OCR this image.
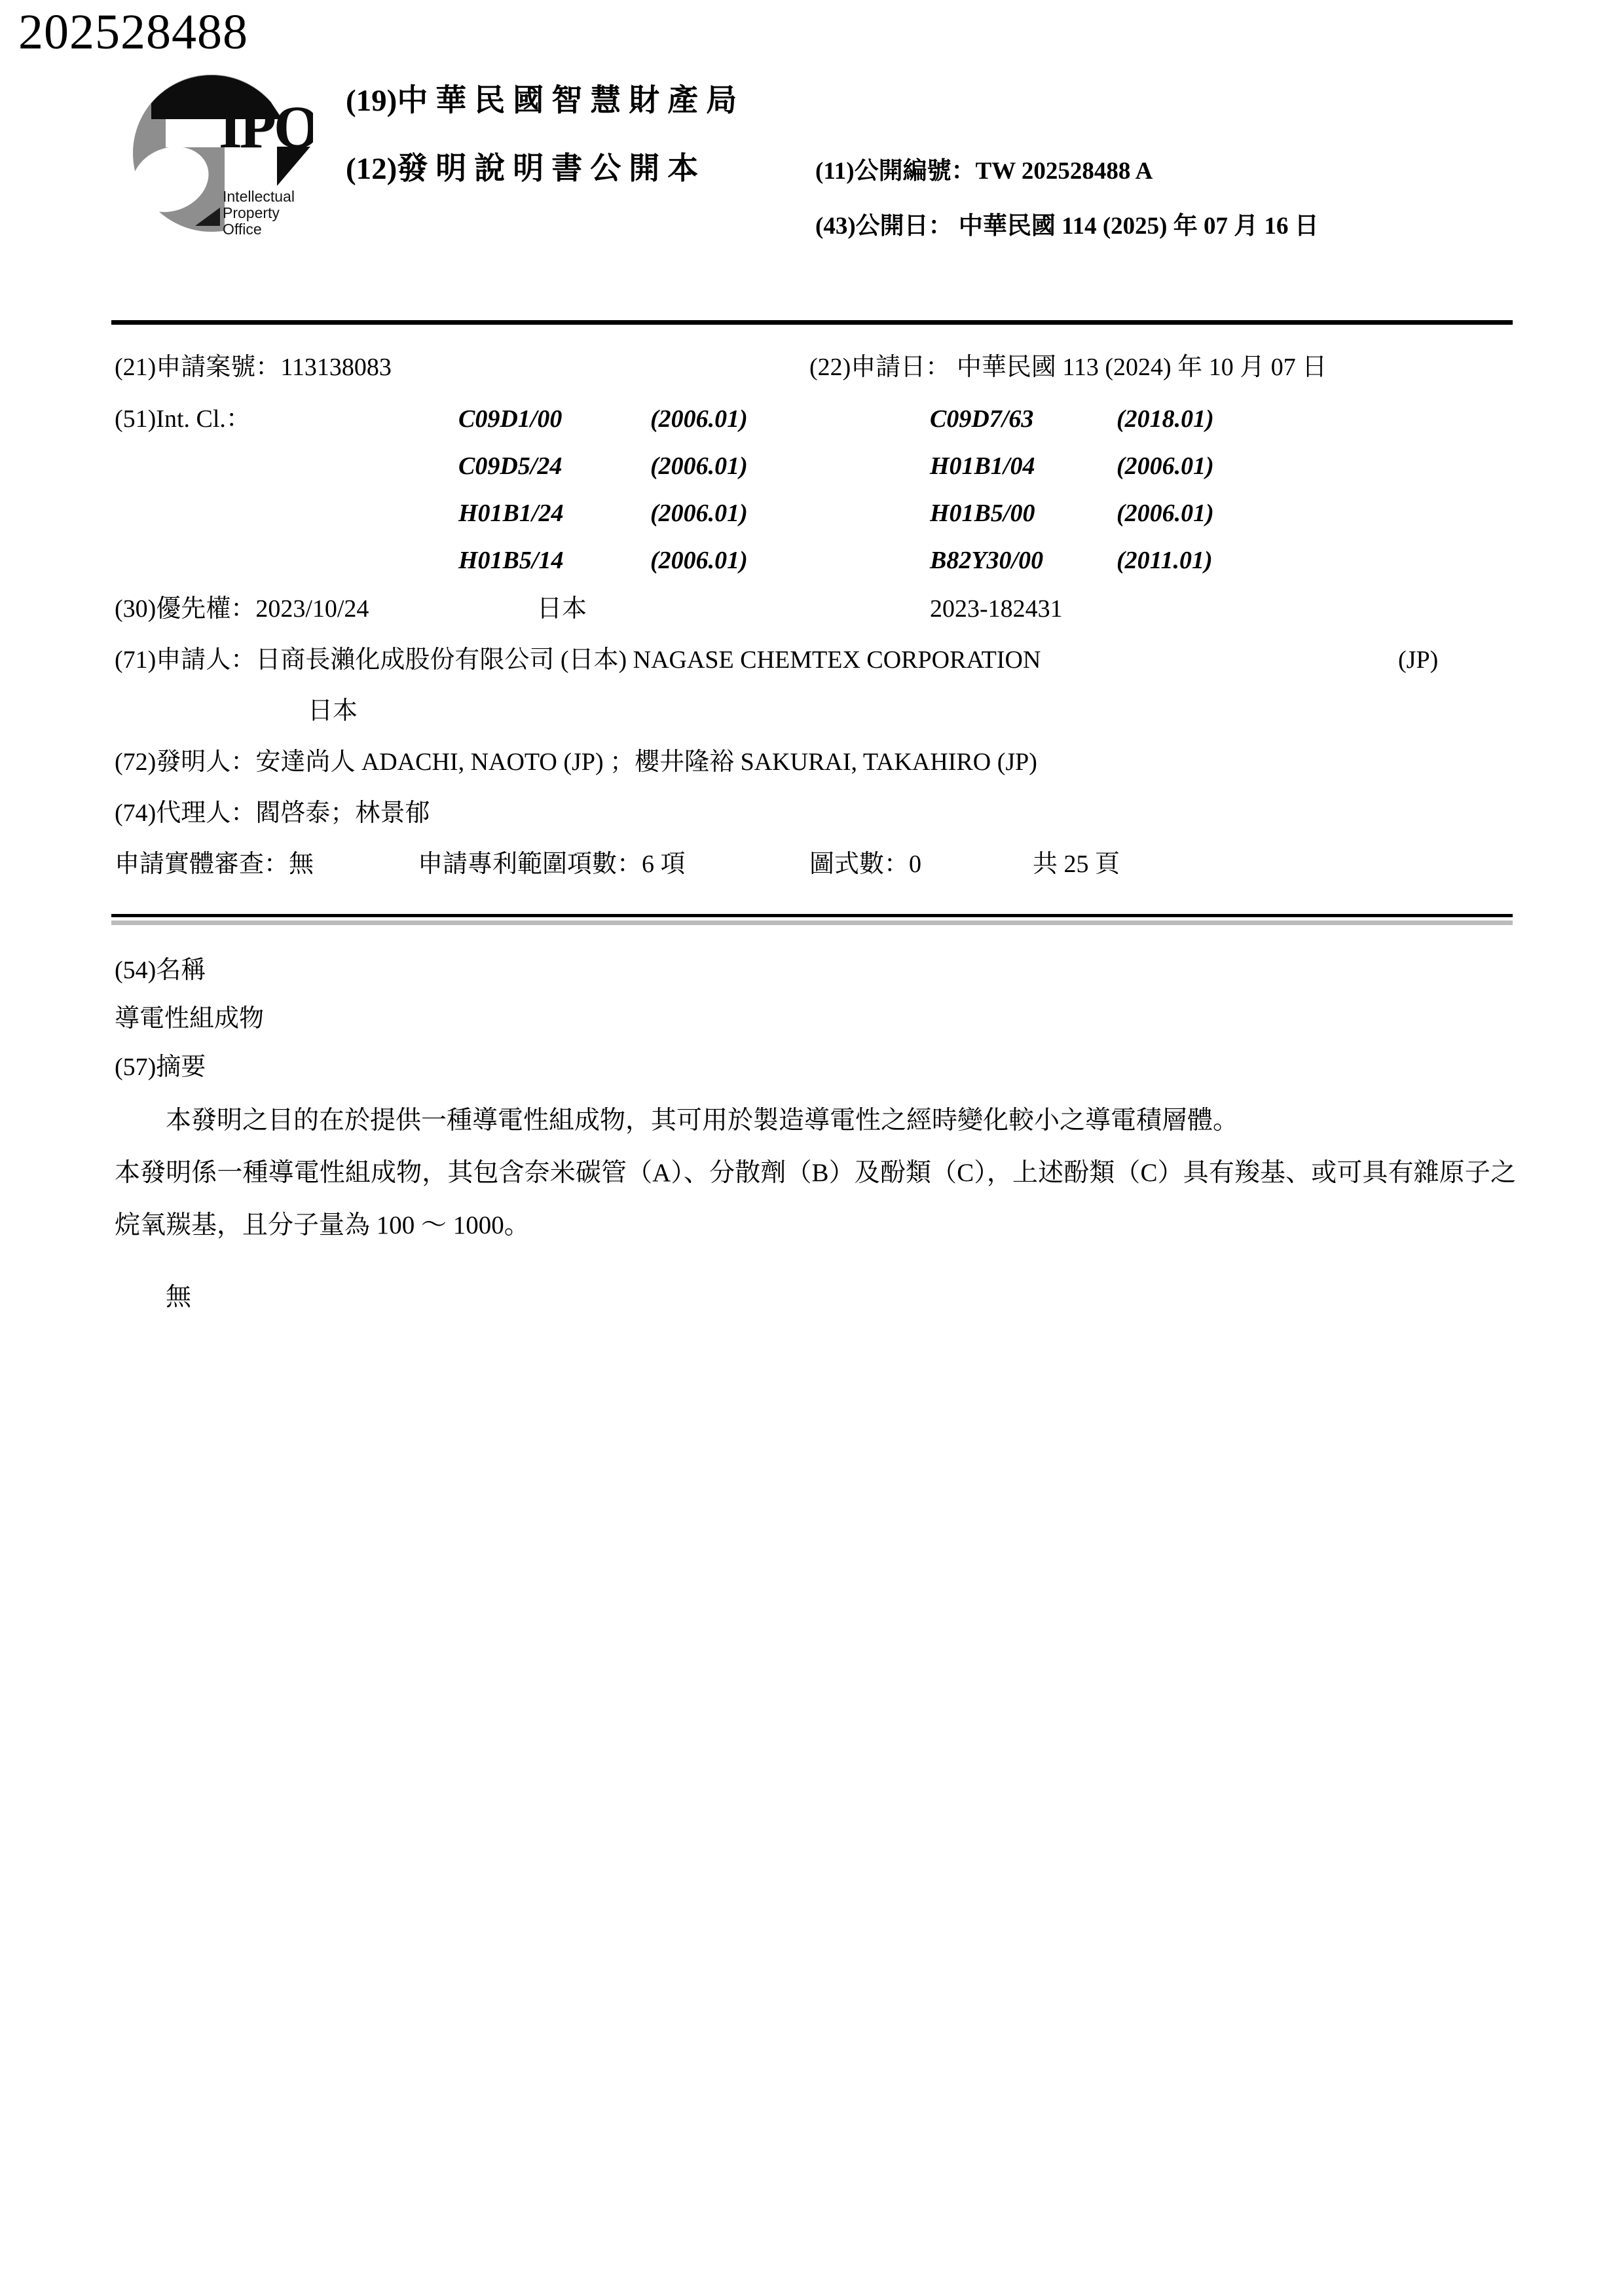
202528488
IPO
Intellectual
Property
Office
(19)中華民國智慧財產局
(12)發明說明書公開本	(11)公開編號：TW 202528488 A
(43)公開日： 中華民國 114 (2025) 年 07 月 16 日
(21)申請案號：113138083	(22)申請日： 中華民國 113 (2024) 年 10 月 07 日
(51)Int. Cl.：	C09D1/00	(2006.01)	C09D7/63	(2018.01)
C09D5/24	(2006.01)	H01B1/04	(2006.01)
H01B1/24	(2006.01)	H01B5/00	(2006.01)
H01B5/14	(2006.01)	B82Y30/00	(2011.01)
(30)優先權：2023/10/24	日本	2023-182431
(71)申請人：日商長瀨化成股份有限公司 (日本) NAGASE CHEMTEX CORPORATION	(JP)
日本
(72)發明人：安達尚人 ADACHI, NAOTO (JP) ；櫻井隆裕 SAKURAI, TAKAHIRO (JP)
(74)代理人：閻啓泰；林景郁
申請實體審查：無	申請專利範圍項數：6 項	圖式數：0	共 25 頁
(54)名稱
導電性組成物
(57)摘要

本發明之目的在於提供一種導電性組成物，其可用於製造導電性之經時變化較小之導電積層體。

本發明係一種導電性組成物，其包含奈米碳管（A）、分散劑（B）及酚類（C），上述酚類（C）具有羧基、或可具有雜原子之烷氧羰基，且分子量為 100 ～ 1000。

無
